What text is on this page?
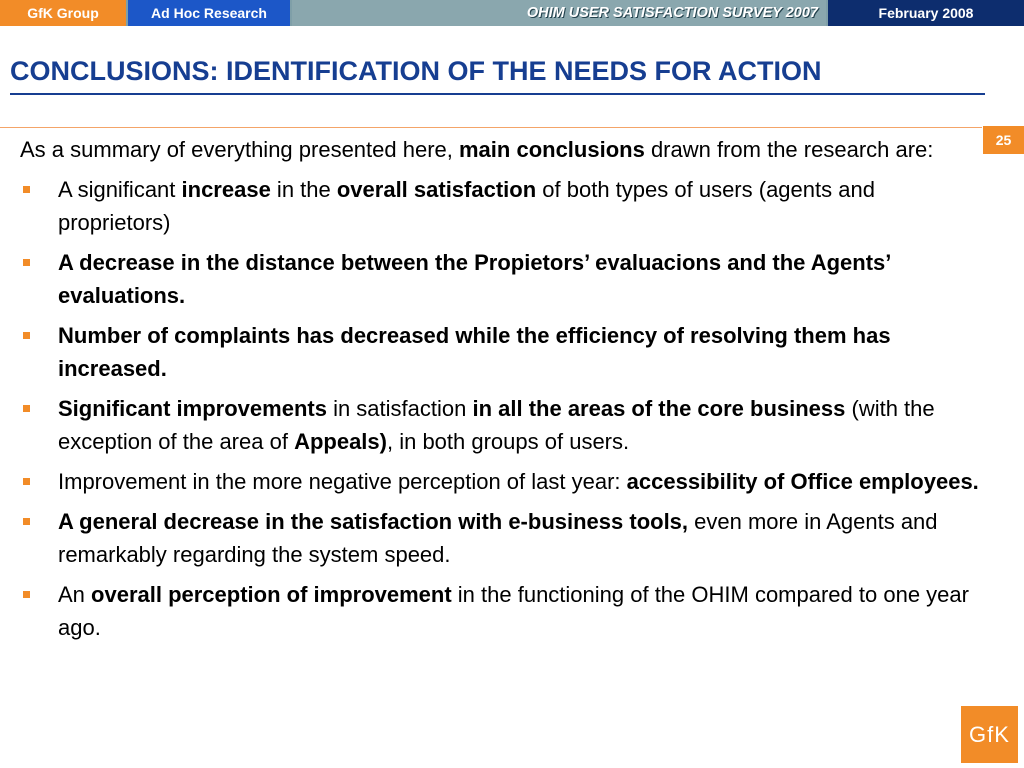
GfK Group	Ad Hoc Research	OHIM USER SATISFACTION SURVEY 2007	February 2008
CONCLUSIONS: IDENTIFICATION OF THE NEEDS FOR ACTION
25

As a summary of everything presented here, main conclusions drawn from the research are:

A significant increase in the overall satisfaction of both types of users (agents and proprietors)
A decrease in the distance between the Propietors’ evaluacions and the Agents’ evaluations.
Number of complaints has decreased while the efficiency of resolving them has increased.
Significant improvements in satisfaction in all the areas of the core business (with the exception of the area of Appeals), in both groups of users.
Improvement in the more negative perception of last year: accessibility of Office employees.
A general decrease in the satisfaction with e-business tools, even more in Agents and remarkably regarding the system speed.
An overall perception of improvement in the functioning of the OHIM compared to one year ago.
GfK
